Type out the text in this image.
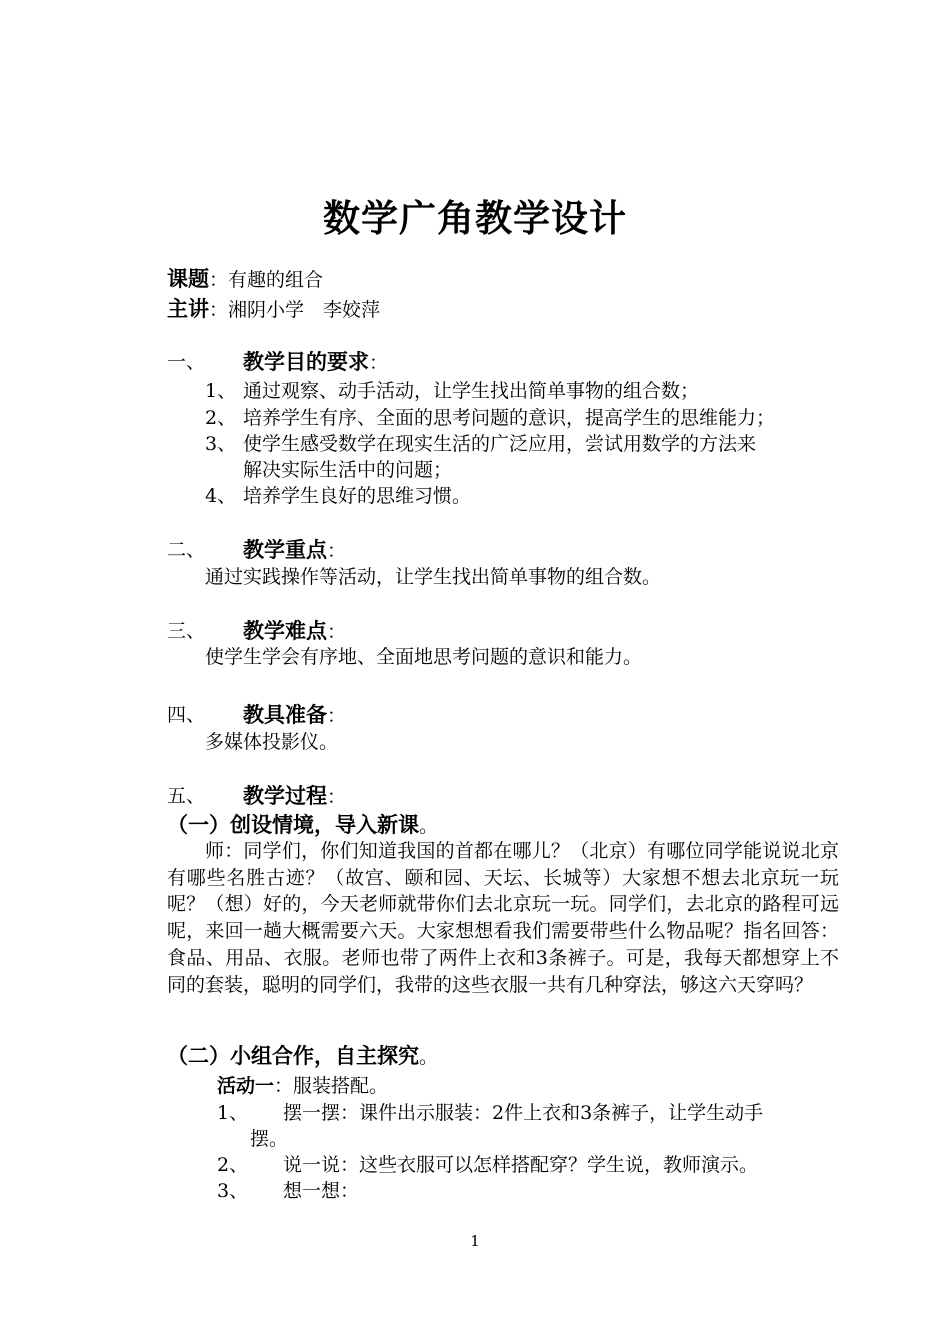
数学广角教学设计
课题：有趣的组合
主讲：湘阴小学　李姣萍
一、 教学目的要求：
1、 通过观察、动手活动，让学生找出简单事物的组合数；
2、 培养学生有序、全面的思考问题的意识，提高学生的思维能力；
3、 使学生感受数学在现实生活的广泛应用，尝试用数学的方法来
解决实际生活中的问题；
4、 培养学生良好的思维习惯。
二、 教学重点：
通过实践操作等活动，让学生找出简单事物的组合数。
三、 教学难点：
使学生学会有序地、全面地思考问题的意识和能力。
四、 教具准备：
多媒体投影仪。
五、 教学过程：
（一）创设情境，导入新课。

师：同学们，你们知道我国的首都在哪儿？（北京）有哪位同学能说说北京有哪些名胜古迹？（故宫、颐和园、天坛、长城等）大家想不想去北京玩一玩呢？（想）好的，今天老师就带你们去北京玩一玩。同学们，去北京的路程可远呢，来回一趟大概需要六天。大家想想看我们需要带些什么物品呢？指名回答：食品、用品、衣服。老师也带了两件上衣和3条裤子。可是，我每天都想穿上不同的套装，聪明的同学们，我带的这些衣服一共有几种穿法，够这六天穿吗？

（二）小组合作，自主探究。
活动一：服装搭配。
1、 摆一摆：课件出示服装：2件上衣和3条裤子，让学生动手
摆。
2、 说一说：这些衣服可以怎样搭配穿？学生说，教师演示。
3、 想一想：
1
